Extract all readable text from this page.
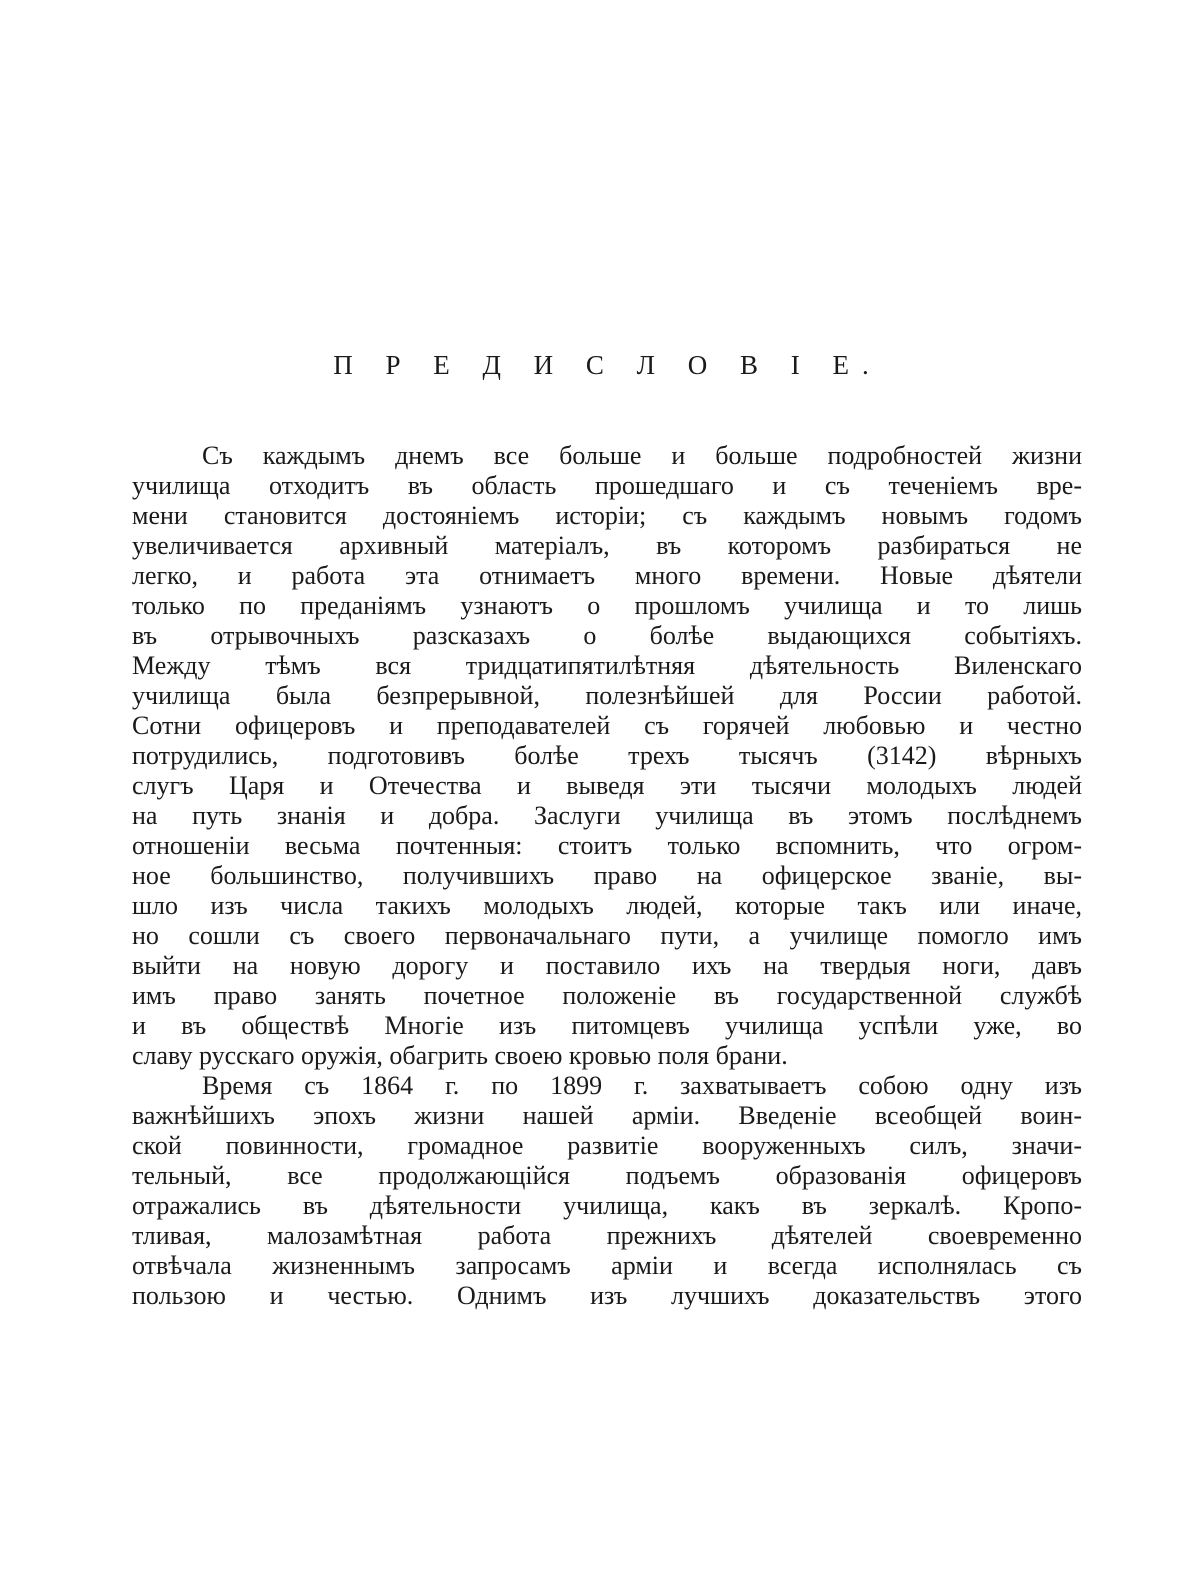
П Р Е Д И С Л О В І Е.
Съ каждымъ днемъ все больше и больше подробностей жизни
училища отходитъ въ область прошедшаго и съ теченіемъ вре-
мени становится достояніемъ исторіи; съ каждымъ новымъ годомъ
увеличивается архивный матеріалъ, въ которомъ разбираться не
легко, и работа эта отнимаетъ много времени. Новые дѣятели
только по преданіямъ узнаютъ о прошломъ училища и то лишь
въ отрывочныхъ разсказахъ о болѣе выдающихся событіяхъ.
Между тѣмъ вся тридцатипятилѣтняя дѣятельность Виленскаго
училища была безпрерывной, полезнѣйшей для России работой.
Сотни офицеровъ и преподавателей съ горячей любовью и честно
потрудились, подготовивъ болѣе трехъ тысячъ (3142) вѣрныхъ
слугъ Царя и Отечества и выведя эти тысячи молодыхъ людей
на путь знанія и добра. Заслуги училища въ этомъ послѣднемъ
отношеніи весьма почтенныя: стоитъ только вспомнить, что огром-
ное большинство, получившихъ право на офицерское званіе, вы-
шло изъ числа такихъ молодыхъ людей, которые такъ или иначе,
но сошли съ своего первоначальнаго пути, а училище помогло имъ
выйти на новую дорогу и поставило ихъ на твердыя ноги, давъ
имъ право занять почетное положеніе въ государственной службѣ
и въ обществѣ Многіе изъ питомцевъ училища успѣли уже, во
славу русскаго оружія, обагрить своею кровью поля брани.
Время съ 1864 г. по 1899 г. захватываетъ собою одну изъ
важнѣйшихъ эпохъ жизни нашей арміи. Введеніе всеобщей воин-
ской повинности, громадное развитіе вооруженныхъ силъ, значи-
тельный, все продолжающійся подъемъ образованія офицеровъ
отражались въ дѣятельности училища, какъ въ зеркалѣ. Кропо-
тливая, малозамѣтная работа прежнихъ дѣятелей своевременно
отвѣчала жизненнымъ запросамъ арміи и всегда исполнялась съ
пользою и честью. Однимъ изъ лучшихъ доказательствъ этого
